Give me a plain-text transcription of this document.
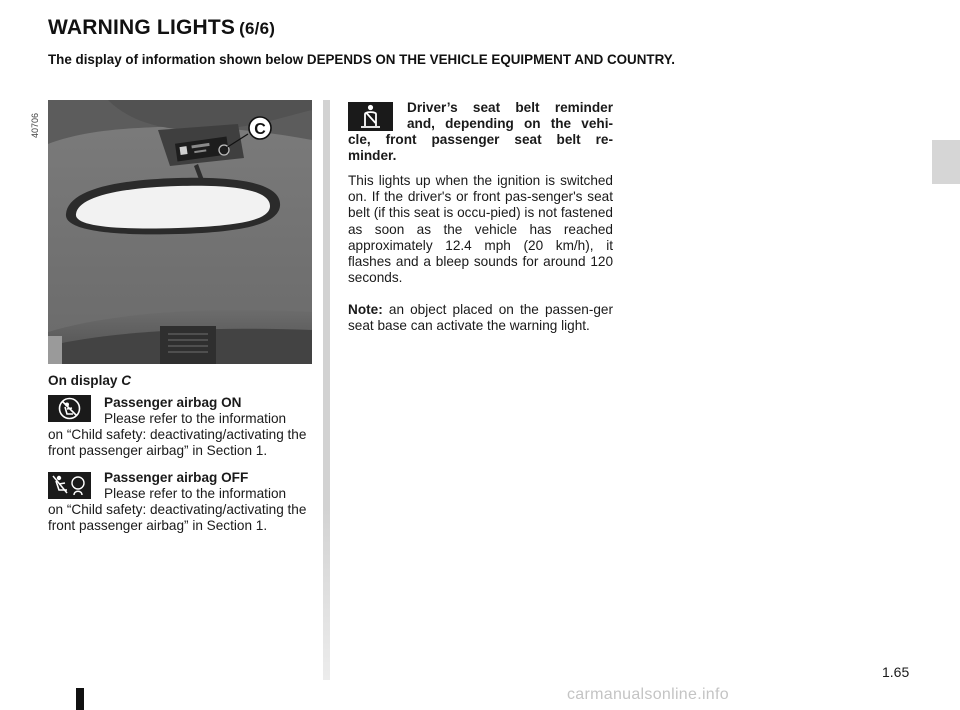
WARNING LIGHTS (6/6)
The display of information shown below DEPENDS ON THE VEHICLE EQUIPMENT AND COUNTRY.
40706	C
On display C
Passenger airbag ON
Please refer to the information
on “Child safety: deactivating/activating the front passenger airbag” in Section 1.
Passenger airbag OFF
Please refer to the information
on “Child safety: deactivating/activating the front passenger airbag” in Section 1.
Driver’s seat belt reminder
and, depending on the vehi-
cle, front passenger seat belt re-
minder.
This lights up when the ignition is switched on. If the driver's or front pas-senger's seat belt (if this seat is occu-pied) is not fastened as soon as the vehicle has reached approximately 12.4 mph (20 km/h), it flashes and a bleep sounds for around 120 seconds.
Note: an object placed on the passen-ger seat base can activate the warning light.
1.65
carmanualsonline.info
